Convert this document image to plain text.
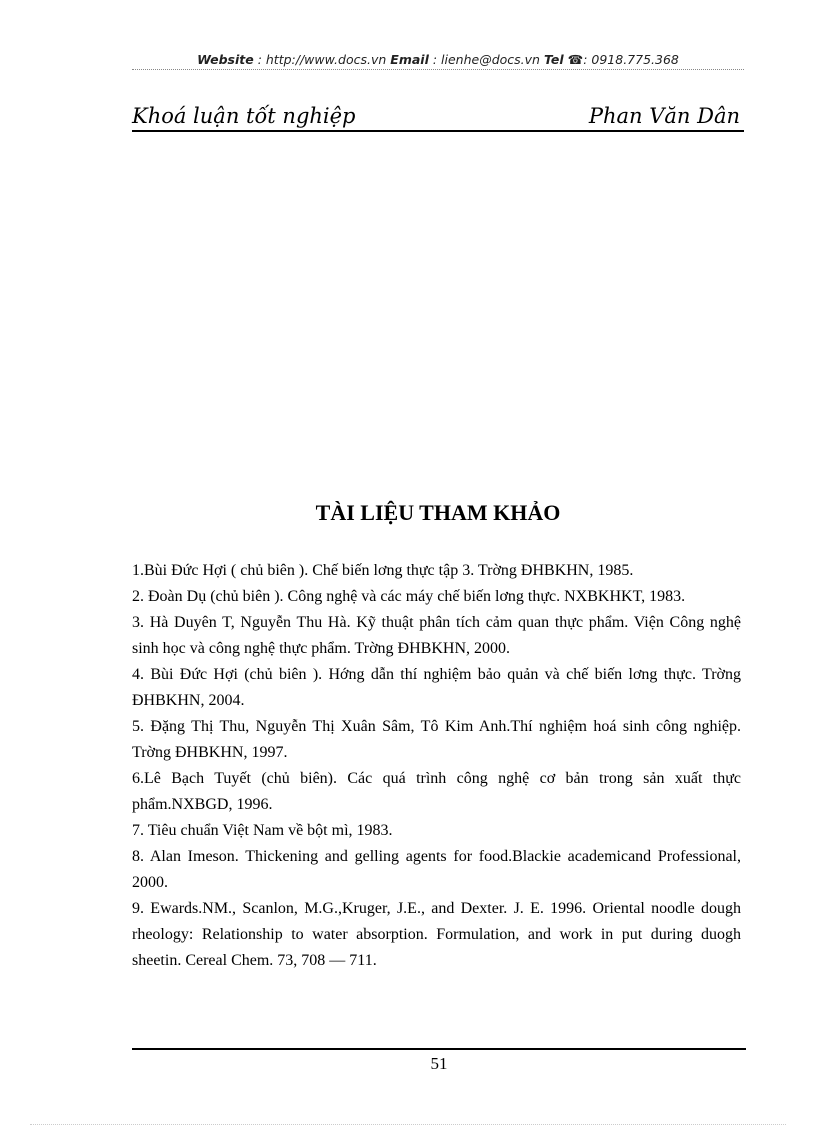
Website : http://www.docs.vn Email : lienhe@docs.vn Tel ☎: 0918.775.368
Khoá luận tốt nghiệp	Phan Văn Dân
TÀI LIỆU THAM KHẢO

1.Bùi Đức Hợi ( chủ biên ). Chế biến lơng thực tập 3. Trờng ĐHBKHN, 1985.

2. Đoàn Dụ (chủ biên ). Công nghệ và các máy chế biến lơng thực. NXBKHKT, 1983.

3. Hà Duyên T, Nguyễn Thu Hà. Kỹ thuật phân tích cảm quan thực phẩm. Viện Công nghệ sinh học và công nghệ thực phẩm. Trờng ĐHBKHN, 2000.

4. Bùi Đức Hợi (chủ biên ). Hớng dẫn thí nghiệm bảo quản và chế biến lơng thực. Trờng ĐHBKHN, 2004.

5. Đặng Thị Thu, Nguyễn Thị Xuân Sâm, Tô Kim Anh.Thí nghiệm hoá sinh công nghiệp. Trờng ĐHBKHN, 1997.

6.Lê Bạch Tuyết (chủ biên). Các quá trình công nghệ cơ bản trong sản xuất thực phẩm.NXBGD, 1996.

7. Tiêu chuẩn Việt Nam về bột mì, 1983.

8. Alan Imeson. Thickening and gelling agents for food.Blackie academicand Professional, 2000.

9. Ewards.NM., Scanlon, M.G.,Kruger, J.E., and Dexter. J. E. 1996. Oriental noodle dough rheology: Relationship to water absorption. Formulation, and work in put during duogh sheetin. Cereal Chem. 73, 708 — 711.

51
